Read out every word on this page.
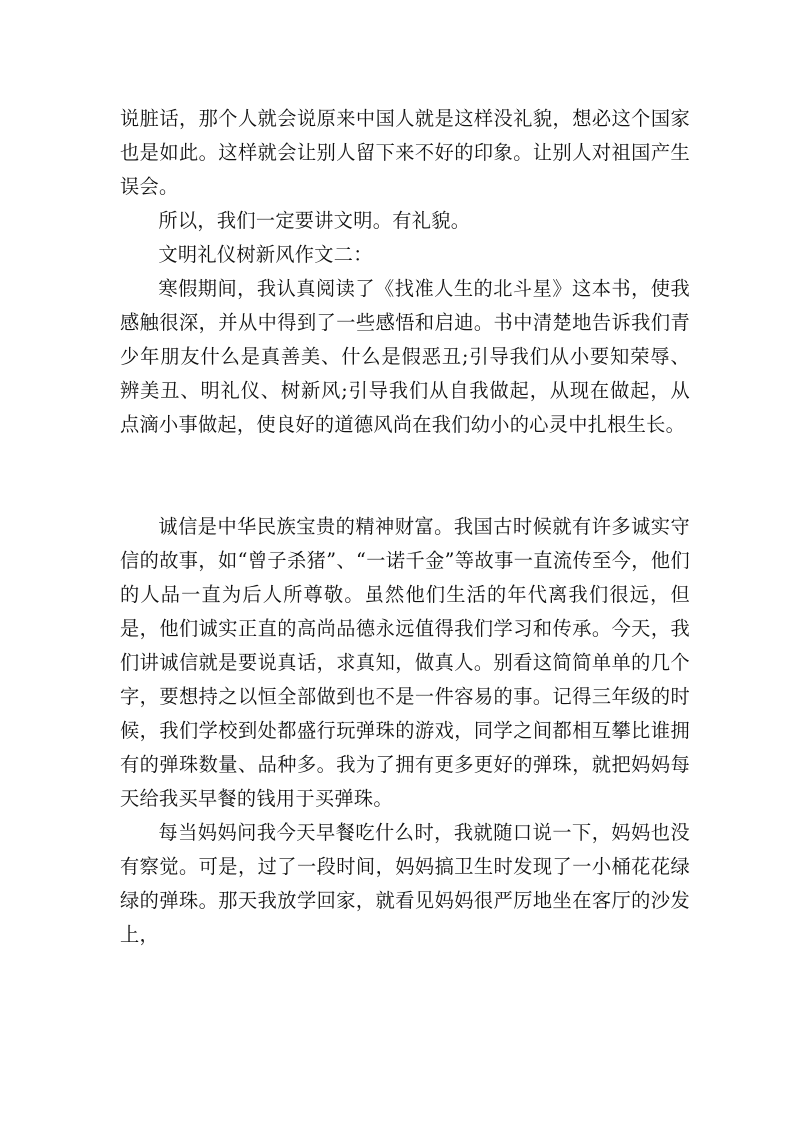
说脏话，那个人就会说原来中国人就是这样没礼貌，想必这个国家也是如此。这样就会让别人留下来不好的印象。让别人对祖国产生误会。

所以，我们一定要讲文明。有礼貌。

文明礼仪树新风作文二：

寒假期间，我认真阅读了《找准人生的北斗星》这本书，使我感触很深，并从中得到了一些感悟和启迪。书中清楚地告诉我们青少年朋友什么是真善美、什么是假恶丑;引导我们从小要知荣辱、辨美丑、明礼仪、树新风;引导我们从自我做起，从现在做起，从点滴小事做起，使良好的道德风尚在我们幼小的心灵中扎根生长。

诚信是中华民族宝贵的精神财富。我国古时候就有许多诚实守信的故事，如“曾子杀猪”、“一诺千金”等故事一直流传至今，他们的人品一直为后人所尊敬。虽然他们生活的年代离我们很远，但是，他们诚实正直的高尚品德永远值得我们学习和传承。今天，我们讲诚信就是要说真话，求真知，做真人。别看这简简单单的几个字，要想持之以恒全部做到也不是一件容易的事。记得三年级的时候，我们学校到处都盛行玩弹珠的游戏，同学之间都相互攀比谁拥有的弹珠数量、品种多。我为了拥有更多更好的弹珠，就把妈妈每天给我买早餐的钱用于买弹珠。

每当妈妈问我今天早餐吃什么时，我就随口说一下，妈妈也没有察觉。可是，过了一段时间，妈妈搞卫生时发现了一小桶花花绿绿的弹珠。那天我放学回家，就看见妈妈很严厉地坐在客厅的沙发上，
